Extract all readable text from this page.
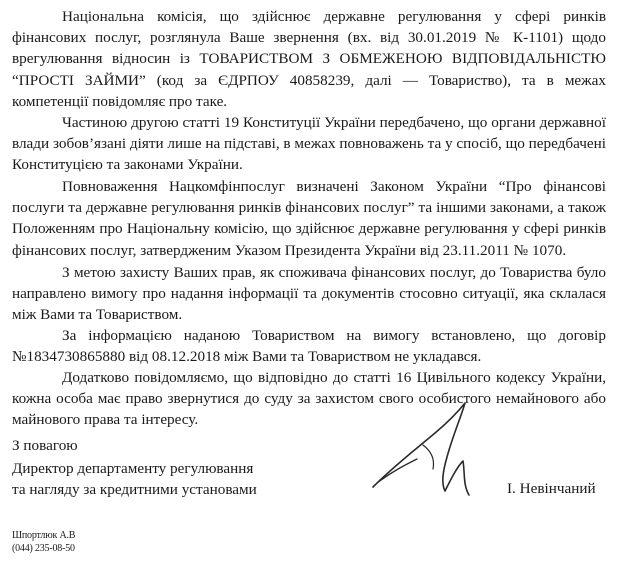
Національна комісія, що здійснює державне регулювання у сфері ринків фінансових послуг, розглянула Ваше звернення (вх. від 30.01.2019 № К-1101) щодо врегулювання відносин із ТОВАРИСТВОМ З ОБМЕЖЕНОЮ ВІДПОВІДАЛЬНІСТЮ “ПРОСТІ ЗАЙМИ” (код за ЄДРПОУ 40858239, далі — Товариство), та в межах компетенції повідомляє про таке.

Частиною другою статті 19 Конституції України передбачено, що органи державної влади зобов’язані діяти лише на підставі, в межах повноважень та у спосіб, що передбачені Конституцією та законами України.

Повноваження Нацкомфінпослуг визначені Законом України “Про фінансові послуги та державне регулювання ринків фінансових послуг” та іншими законами, а також Положенням про Національну комісію, що здійснює державне регулювання у сфері ринків фінансових послуг, затвердженим Указом Президента України від 23.11.2011 № 1070.

З метою захисту Ваших прав, як споживача фінансових послуг, до Товариства було направлено вимогу про надання інформації та документів стосовно ситуації, яка склалася між Вами та Товариством.

За інформацією наданою Товариством на вимогу встановлено, що договір №1834730865880 від 08.12.2018 між Вами та Товариством не укладався.

Додатково повідомляємо, що відповідно до статті 16 Цивільного кодексу України, кожна особа має право звернутися до суду за захистом свого особистого немайнового або майнового права та інтересу.

З повагою
Директор департаменту регулювання
та нагляду за кредитними установами	І. Невінчаний
Шпортлюк А.В
(044) 235-08-50
